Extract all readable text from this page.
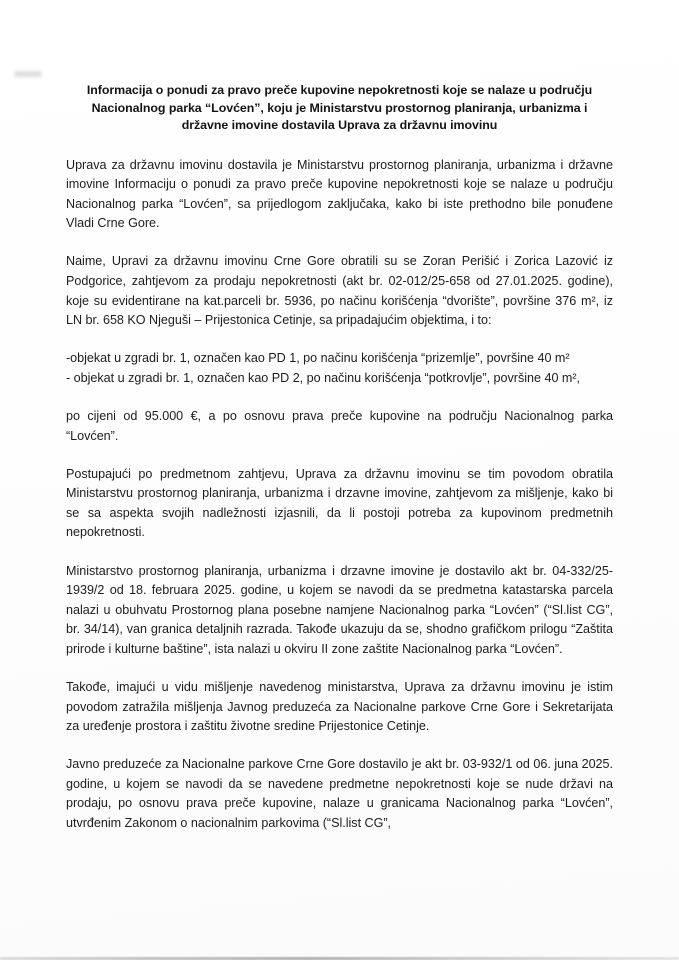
Informacija o ponudi za pravo preče kupovine nepokretnosti koje se nalaze u području Nacionalnog parka “Lovćen”, koju je Ministarstvu prostornog planiranja, urbanizma i državne imovine dostavila Uprava za državnu imovinu

Uprava za državnu imovinu dostavila je Ministarstvu prostornog planiranja, urbanizma i državne imovine Informaciju o ponudi za pravo preče kupovine nepokretnosti koje se nalaze u području Nacionalnog parka “Lovćen”, sa prijedlogom zaključaka, kako bi iste prethodno bile ponuđene Vladi Crne Gore.

Naime, Upravi za državnu imovinu Crne Gore obratili su se Zoran Perišić i Zorica Lazović iz Podgorice, zahtjevom za prodaju nepokretnosti (akt br. 02-012/25-658 od 27.01.2025. godine), koje su evidentirane na kat.parceli br. 5936, po načinu korišćenja “dvorište”, površine 376 m², iz LN br. 658 KO Njeguši – Prijestonica Cetinje, sa pripadajućim objektima, i to:

-objekat u zgradi br. 1, označen kao PD 1, po načinu korišćenja “prizemlje”, površine 40 m²

- objekat u zgradi br. 1, označen kao PD 2, po načinu korišćenja “potkrovlje”, površine 40 m²,

po cijeni od 95.000 €, a po osnovu prava preče kupovine na području Nacionalnog parka “Lovćen”.

Postupajući po predmetnom zahtjevu, Uprava za državnu imovinu se tim povodom obratila Ministarstvu prostornog planiranja, urbanizma i drzavne imovine, zahtjevom za mišljenje, kako bi se sa aspekta svojih nadležnosti izjasnili, da li postoji potreba za kupovinom predmetnih nepokretnosti.

Ministarstvo prostornog planiranja, urbanizma i drzavne imovine je dostavilo akt br. 04-332/25-1939/2 od 18. februara 2025. godine, u kojem se navodi da se predmetna katastarska parcela nalazi u obuhvatu Prostornog plana posebne namjene Nacionalnog parka “Lovćen” (“Sl.list CG”, br. 34/14), van granica detaljnih razrada. Takođe ukazuju da se, shodno grafičkom prilogu “Zaštita prirode i kulturne baštine”, ista nalazi u okviru II zone zaštite Nacionalnog parka “Lovćen”.

Takođe, imajući u vidu mišljenje navedenog ministarstva, Uprava za državnu imovinu je istim povodom zatražila mišljenja Javnog preduzeća za Nacionalne parkove Crne Gore i Sekretarijata za uređenje prostora i zaštitu životne sredine Prijestonice Cetinje.

Javno preduzeće za Nacionalne parkove Crne Gore dostavilo je akt br. 03-932/1 od 06. juna 2025. godine, u kojem se navodi da se navedene predmetne nepokretnosti koje se nude državi na prodaju, po osnovu prava preče kupovine, nalaze u granicama Nacionalnog parka “Lovćen”, utvrđenim Zakonom o nacionalnim parkovima (“Sl.list CG”,
